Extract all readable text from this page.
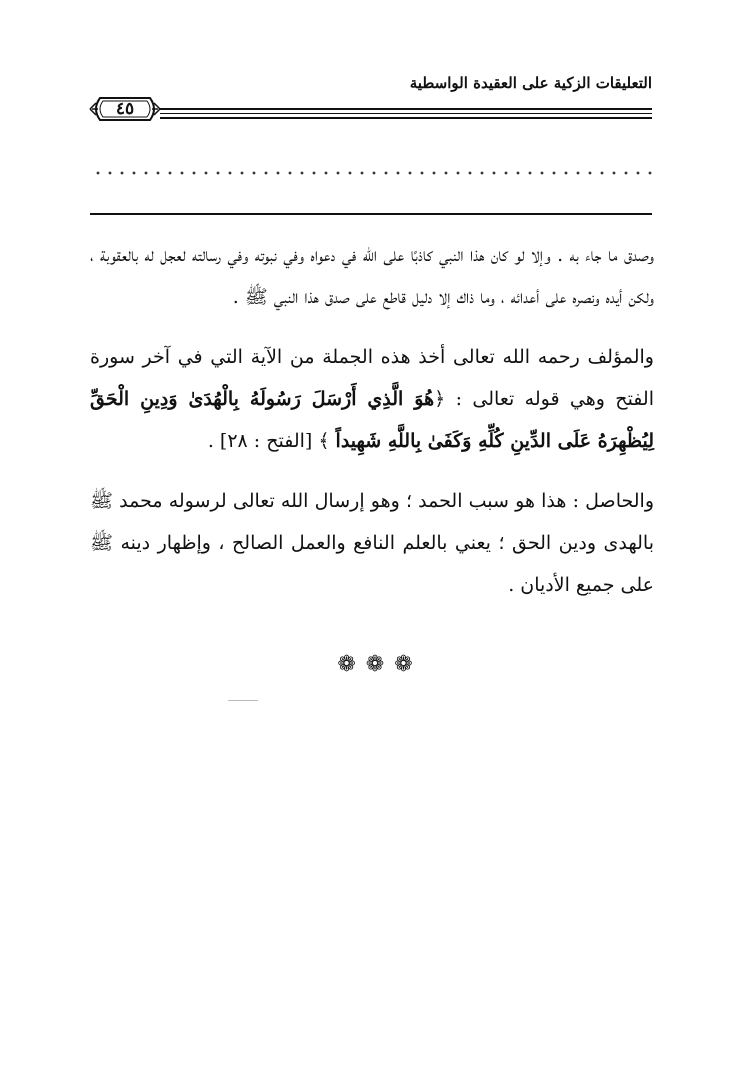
التعليقات الزكية على العقيدة الواسطية
٤٥

وصدق ما جاء به . وإلا لو كان هذا النبي كاذبًا على الله في دعواه وفي نبوته وفي رسالته لعجل له بالعقوبة ، ولكن أيده ونصره على أعدائه ، وما ذاك إلا دليل قاطع على صدق هذا النبي ﷺ .

والمؤلف رحمه الله تعالى أخذ هذه الجملة من الآية التي في آخر سورة الفتح وهي قوله تعالى : ﴿هُوَ الَّذِي أَرْسَلَ رَسُولَهُ بِالْهُدَىٰ وَدِينِ الْحَقِّ لِيُظْهِرَهُ عَلَى الدِّينِ كُلِّهِ وَكَفَىٰ بِاللَّهِ شَهِيداً ﴾ [الفتح : ٢٨] .

والحاصل : هذا هو سبب الحمد ؛ وهو إرسال الله تعالى لرسوله محمد ﷺ بالهدى ودين الحق ؛ يعني بالعلم النافع والعمل الصالح ، وإظهار دينه ﷺ على جميع الأديان .

❁❁❁
